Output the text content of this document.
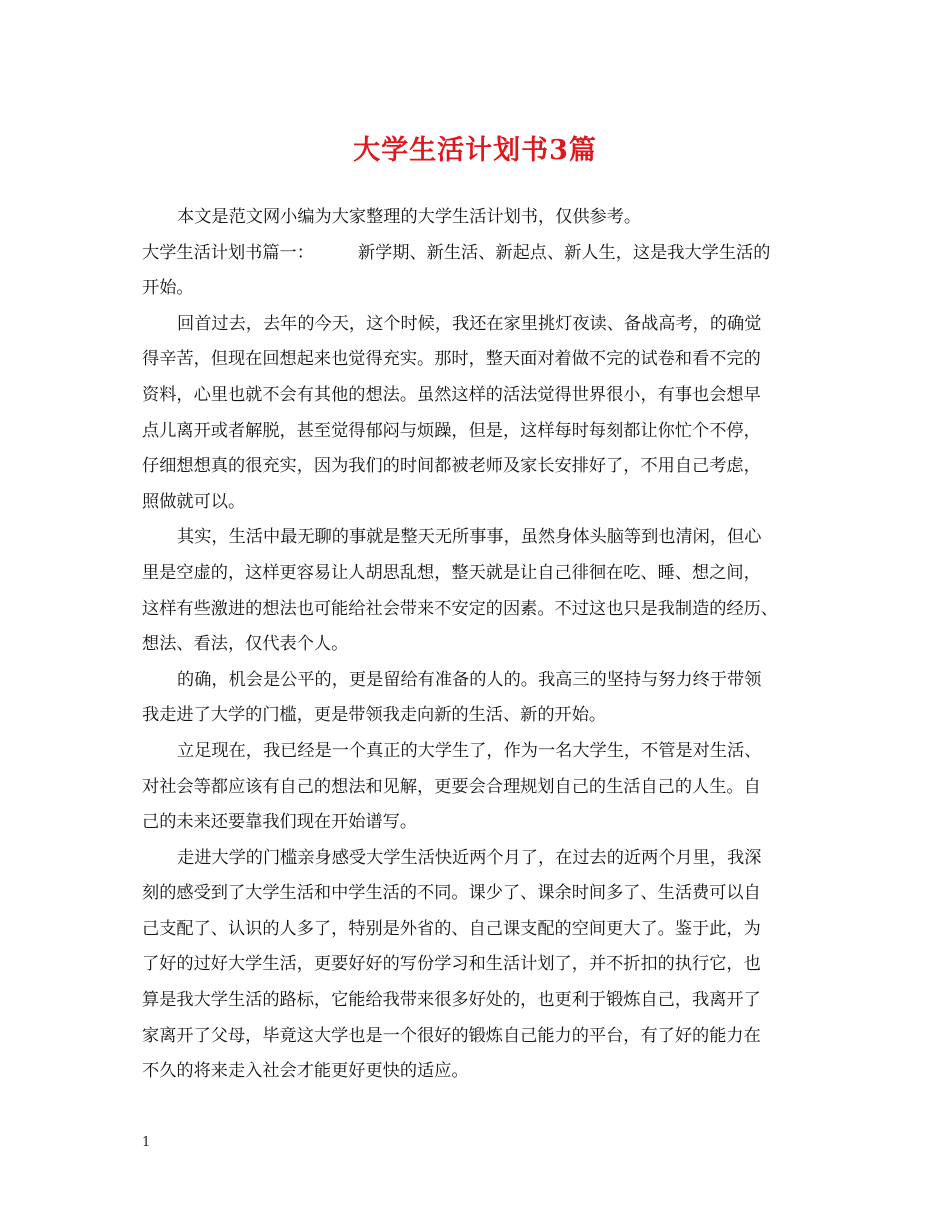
大学生活计划书3篇
本文是范文网小编为大家整理的大学生活计划书，仅供参考。
大学生活计划书篇一：	新学期、新生活、新起点、新人生，这是我大学生活的
开始。
回首过去，去年的今天，这个时候，我还在家里挑灯夜读、备战高考，的确觉
得辛苦，但现在回想起来也觉得充实。那时，整天面对着做不完的试卷和看不完的
资料，心里也就不会有其他的想法。虽然这样的活法觉得世界很小，有事也会想早
点儿离开或者解脱，甚至觉得郁闷与烦躁，但是，这样每时每刻都让你忙个不停，
仔细想想真的很充实，因为我们的时间都被老师及家长安排好了，不用自己考虑，
照做就可以。
其实，生活中最无聊的事就是整天无所事事，虽然身体头脑等到也清闲，但心
里是空虚的，这样更容易让人胡思乱想，整天就是让自己徘徊在吃、睡、想之间，
这样有些激进的想法也可能给社会带来不安定的因素。不过这也只是我制造的经历、
想法、看法，仅代表个人。
的确，机会是公平的，更是留给有准备的人的。我高三的坚持与努力终于带领
我走进了大学的门槛，更是带领我走向新的生活、新的开始。
立足现在，我已经是一个真正的大学生了，作为一名大学生，不管是对生活、
对社会等都应该有自己的想法和见解，更要会合理规划自己的生活自己的人生。自
己的未来还要靠我们现在开始谱写。
走进大学的门槛亲身感受大学生活快近两个月了，在过去的近两个月里，我深
刻的感受到了大学生活和中学生活的不同。课少了、课余时间多了、生活费可以自
己支配了、认识的人多了，特别是外省的、自己课支配的空间更大了。鉴于此，为
了好的过好大学生活，更要好好的写份学习和生活计划了，并不折扣的执行它，也
算是我大学生活的路标，它能给我带来很多好处的，也更利于锻炼自己，我离开了
家离开了父母，毕竟这大学也是一个很好的锻炼自己能力的平台，有了好的能力在
不久的将来走入社会才能更好更快的适应。
1
